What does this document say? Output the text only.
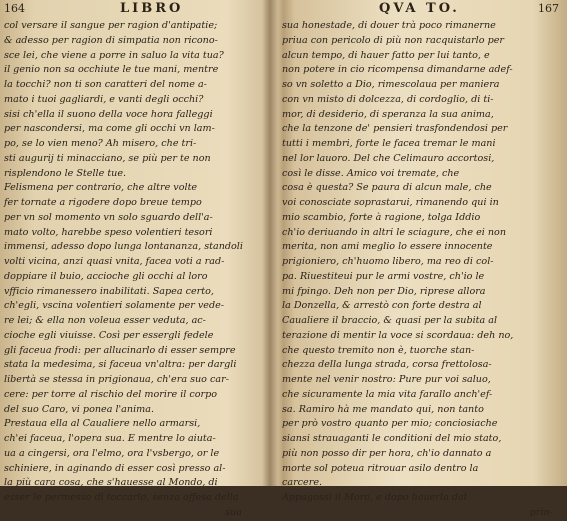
164	LIBRO
col versare il sangue per ragion d'antipatie;
& adesso per ragion di simpatia non ricono-
sce lei, che viene a porre in saluo la vita tua?
il genio non sa occhiute le tue mani, mentre
la tocchi? non ti son caratteri del nome a-
mato i tuoi gagliardi, e vanti degli occhi?
sisi ch'ella il suono della voce hora falleggi
per nascondersi, ma come gli occhi vn lam-
po, se lo vien meno? Ah misero, che tri-
sti augurij ti minacciano, se più per te non
risplendono le Stelle tue.
Felismena per contrario, che altre volte
fer tornate a rigodere dopo breue tempo
per vn sol momento vn solo sguardo dell'a-
mato volto, harebbe speso volentieri tesori
immensi, adesso dopo lunga lontananza, standoli
volti vicina, anzi quasi vnita, facea voti a rad-
doppiare il buio, accioche gli occhi al loro
vfficio rimanessero inabilitati. Sapea certo,
ch'egli, vscina volentieri solamente per vede-
re lei; & ella non voleua esser veduta, ac-
cioche egli viuisse. Così per essergli fedele
gli faceua frodi: per allucinarlo di esser sempre
stata la medesima, si faceua vn'altra: per dargli
libertà se stessa in prigionaua, ch'era suo car-
cere: per torre al rischio del morire il corpo
del suo Caro, vi ponea l'anima.
Prestaua ella al Caualiere nello armarsi,
ch'ei faceua, l'opera sua. E mentre lo aiuta-
ua a cingersi, ora l'elmo, ora l'vsbergo, or le
schiniere, in aginando di esser così presso al-
la più cara cosa, che s'hauesse al Mondo, di
esser le permesso di toccarlo, senza offesa della
sua
QVA TO.	167
sua honestade, di douer trà poco rimanerne
priua con pericolo di più non racquistarlo per
alcun tempo, di hauer fatto per lui tanto, e
non potere in cio ricompensa dimandarne adef-
so vn soletto a Dio, rimescolaua per maniera
con vn misto di dolcezza, di cordoglio, di ti-
mor, di desiderio, di speranza la sua anima,
che la tenzone de' pensieri trasfondendosi per
tutti i membri, forte le facea tremar le mani
nel lor lauoro. Del che Celimauro accortosi,
così le disse. Amico voi tremate, che
cosa è questa? Se paura di alcun male, che
voi conosciate soprastarui, rimanendo qui in
mio scambio, forte à ragione, tolga Iddio
ch'io deriuando in altri le sciagure, che ei non
merita, non ami meglio lo essere innocente
prigioniero, ch'huomo libero, ma reo di col-
pa. Riuestiteui pur le armi vostre, ch'io le
mi fpingo. Deh non per Dio, riprese allora
la Donzella, & arrestò con forte destra al
Caualiere il braccio, & quasi per la subita al
terazione di mentir la voce si scordaua: deh no,
che questo tremito non è, tuorche stan-
chezza della lunga strada, corsa frettolosa-
mente nel venir nostro: Pure pur voi saluo,
che sicuramente la mia vita farallo anch'ef-
sa. Ramiro hà me mandato qui, non tanto
per prò vostro quanto per mio; conciosiache
siansi strauaganti le conditioni del mio stato,
più non posso dir per hora, ch'io dannato a
morte sol poteua ritrouar asilo dentro la
carcere.
Appagossi il Moro, e dopo hauerla dal
prin-
